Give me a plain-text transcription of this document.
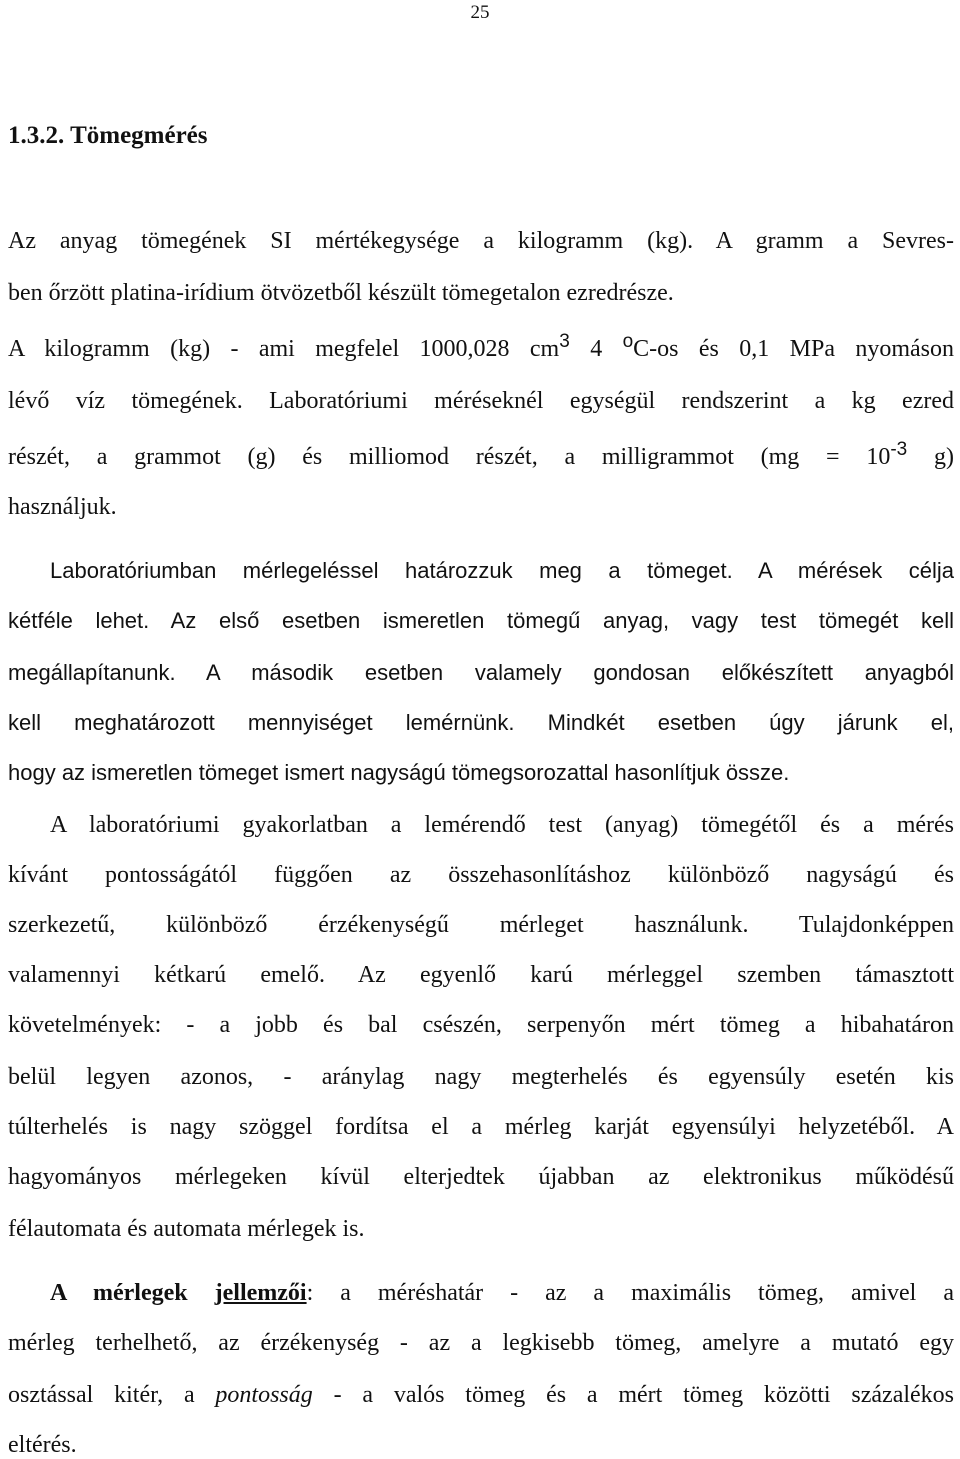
25
1.3.2. Tömegmérés
Az anyag tömegének SI mértékegysége a kilogramm (kg). A gramm a Sevres-
ben őrzött platina-irídium ötvözetből készült tömegetalon ezredrésze.
A kilogramm (kg) - ami megfelel 1000,028 $cm^3$ 4 $^o$C-os és 0,1 MPa nyomáson
lévő víz tömegének. Laboratóriumi méréseknél egységül rendszerint a kg ezred
részét, a grammot (g) és milliomod részét, a milligrammot ($mg = 10^{-3}$ g)
használjuk.
Laboratóriumban mérlegeléssel határozzuk meg a tömeget. A mérések célja
kétféle lehet. Az első esetben ismeretlen tömegű anyag, vagy test tömegét kell
megállapítanunk. A második esetben valamely gondosan előkészített anyagból
kell meghatározott mennyiséget lemérnünk. Mindkét esetben úgy járunk el,
hogy az ismeretlen tömeget ismert nagyságú tömegsorozattal hasonlítjuk össze.
A laboratóriumi gyakorlatban a lemérendő test (anyag) tömegétől és a mérés
kívánt pontosságától függően az összehasonlításhoz különböző nagyságú és
szerkezetű, különböző érzékenységű mérleget használunk. Tulajdonképpen
valamennyi kétkarú emelő. Az egyenlő karú mérleggel szemben támasztott
követelmények: - a jobb és bal csészén, serpenyőn mért tömeg a hibahatáron
belül legyen azonos, - aránylag nagy megterhelés és egyensúly esetén kis
túlterhelés is nagy szöggel fordítsa el a mérleg karját egyensúlyi helyzetéből. A
hagyományos mérlegeken kívül elterjedtek újabban az elektronikus működésű
félautomata és automata mérlegek is.
A mérlegek jellemzői: a méréshatár - az a maximális tömeg, amivel a
mérleg terhelhető, az érzékenység - az a legkisebb tömeg, amelyre a mutató egy
osztással kitér, a pontosság - a valós tömeg és a mért tömeg közötti százalékos
eltérés.
